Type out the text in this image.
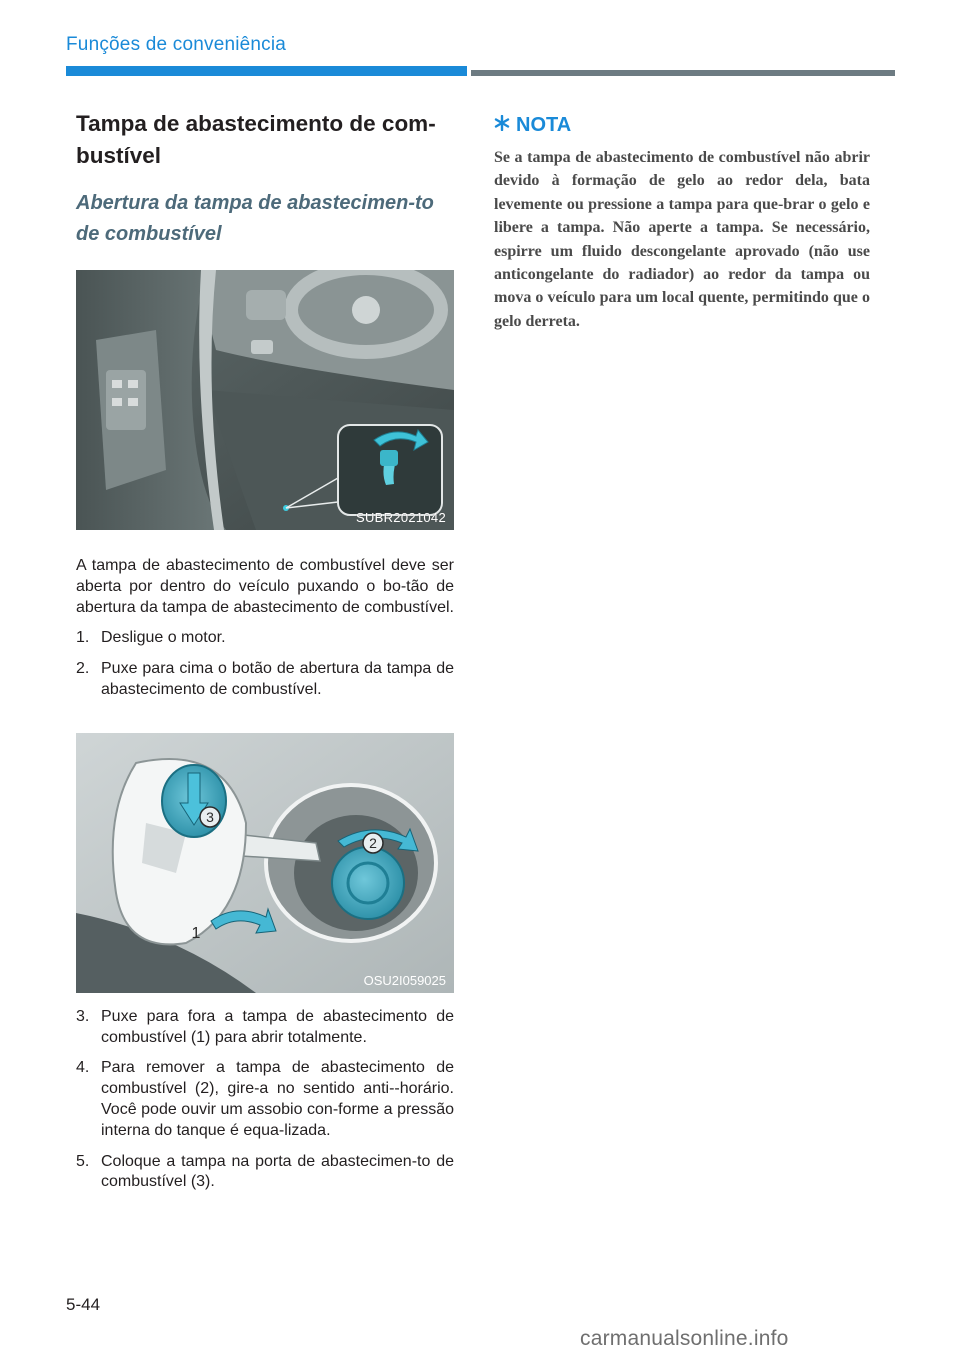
Funções de conveniência
Tampa de abastecimento de com-bustível
Abertura da tampa de abastecimen-to de combustível
SUBR2021042

A tampa de abastecimento de combustível deve ser aberta por dentro do veículo puxando o bo-tão de abertura da tampa de abastecimento de combustível.

1. Desligue o motor.
2. Puxe para cima o botão de abertura da tampa de abastecimento de combustível.
2
3
1
OSU2I059025
3. Puxe para fora a tampa de abastecimento de combustível (1) para abrir totalmente.
4. Para remover a tampa de abastecimento de combustível (2), gire-a no sentido anti--horário. Você pode ouvir um assobio con-forme a pressão interna do tanque é equa-lizada.
5. Coloque a tampa na porta de abastecimen-to de combustível (3).
NOTA
Se a tampa de abastecimento de combustível não abrir devido à formação de gelo ao redor dela, bata levemente ou pressione a tampa para que-brar o gelo e libere a tampa. Não aperte a tampa. Se necessário, espirre um fluido descongelante aprovado (não use anticongelante do radiador) ao redor da tampa ou mova o veículo para um local quente, permitindo que o gelo derreta.
5-44
carmanualsonline.info
